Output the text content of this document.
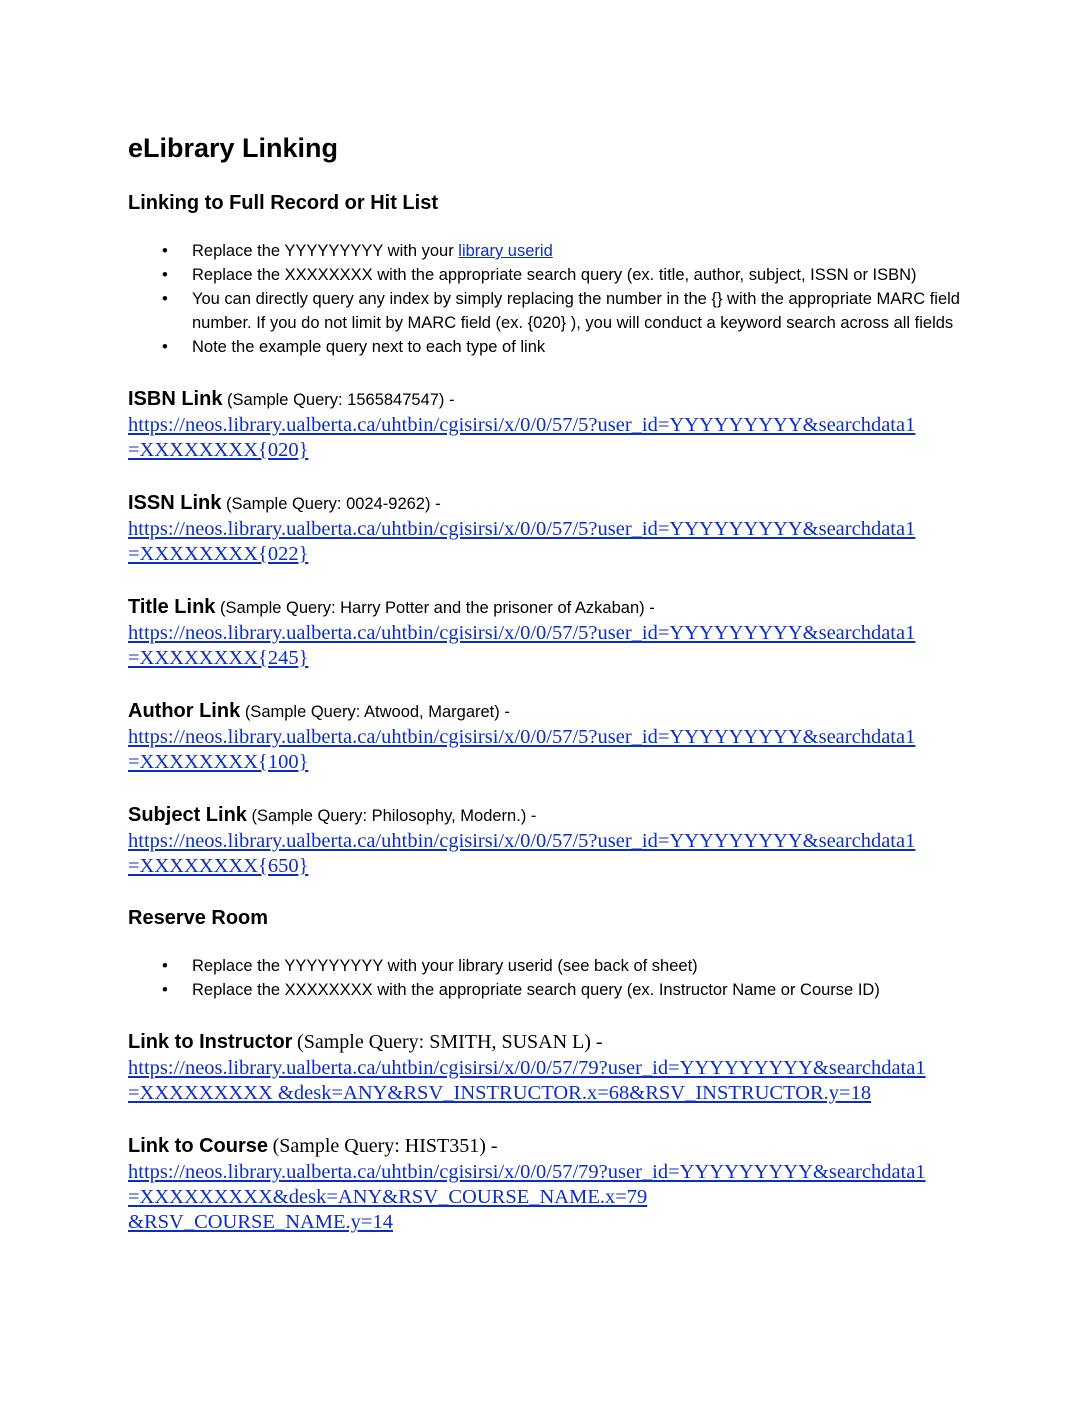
eLibrary Linking
Linking to Full Record or Hit List
• Replace the YYYYYYYYY with your library userid
• Replace the XXXXXXXX with the appropriate search query (ex. title, author, subject, ISSN or ISBN)
• You can directly query any index by simply replacing the number in the {} with the appropriate MARC field number. If you do not limit by MARC field (ex. {020} ), you will conduct a keyword search across all fields
• Note the example query next to each type of link
ISBN Link (Sample Query: 1565847547) -
https://neos.library.ualberta.ca/uhtbin/cgisirsi/x/0/0/57/5?user_id=YYYYYYYYY&searchdata1
=XXXXXXXX{020}
ISSN Link (Sample Query: 0024-9262) -
https://neos.library.ualberta.ca/uhtbin/cgisirsi/x/0/0/57/5?user_id=YYYYYYYYY&searchdata1
=XXXXXXXX{022}
Title Link (Sample Query: Harry Potter and the prisoner of Azkaban) -
https://neos.library.ualberta.ca/uhtbin/cgisirsi/x/0/0/57/5?user_id=YYYYYYYYY&searchdata1
=XXXXXXXX{245}
Author Link (Sample Query: Atwood, Margaret) -
https://neos.library.ualberta.ca/uhtbin/cgisirsi/x/0/0/57/5?user_id=YYYYYYYYY&searchdata1
=XXXXXXXX{100}
Subject Link (Sample Query: Philosophy, Modern.) -
https://neos.library.ualberta.ca/uhtbin/cgisirsi/x/0/0/57/5?user_id=YYYYYYYYY&searchdata1
=XXXXXXXX{650}
Reserve Room
• Replace the YYYYYYYYY with your library userid (see back of sheet)
• Replace the XXXXXXXX with the appropriate search query (ex. Instructor Name or Course ID)
Link to Instructor (Sample Query: SMITH, SUSAN L) -
https://neos.library.ualberta.ca/uhtbin/cgisirsi/x/0/0/57/79?user_id=YYYYYYYYY&searchdata1
=XXXXXXXXX &desk=ANY&RSV_INSTRUCTOR.x=68&RSV_INSTRUCTOR.y=18
Link to Course (Sample Query: HIST351) -
https://neos.library.ualberta.ca/uhtbin/cgisirsi/x/0/0/57/79?user_id=YYYYYYYYY&searchdata1
=XXXXXXXXX&desk=ANY&RSV_COURSE_NAME.x=79
&RSV_COURSE_NAME.y=14
